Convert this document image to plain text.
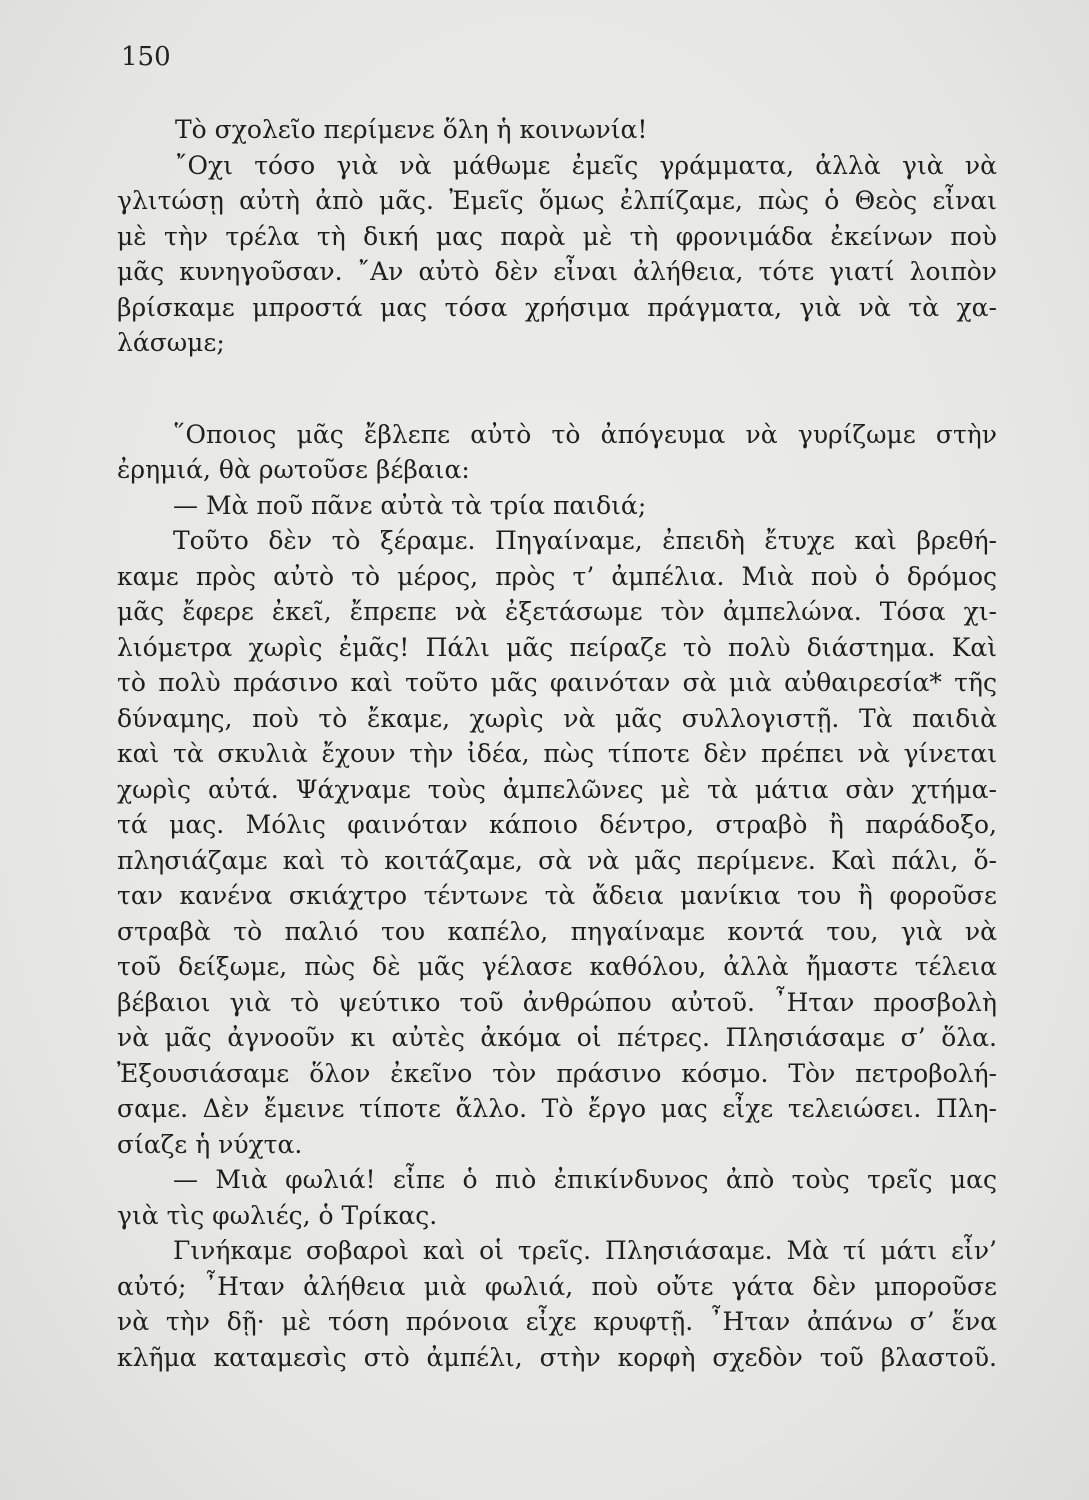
150
Τὸ σχολεῖο περίμενε ὅλη ἡ κοινωνία!
῎Οχι τόσο γιὰ νὰ μάθωμε ἐμεῖς γράμματα, ἀλλὰ γιὰ νὰ
γλιτώσῃ αὐτὴ ἀπὸ μᾶς. Ἐμεῖς ὅμως ἐλπίζαμε, πὼς ὁ Θεὸς εἶναι
μὲ τὴν τρέλα τὴ δική μας παρὰ μὲ τὴ φρονιμάδα ἐκείνων ποὺ
μᾶς κυνηγοῦσαν. ῎Αν αὐτὸ δὲν εἶναι ἀλήθεια, τότε γιατί λοιπὸν
βρίσκαμε μπροστά μας τόσα χρήσιμα πράγματα, γιὰ νὰ τὰ χα-
λάσωμε;
῞Οποιος μᾶς ἔβλεπε αὐτὸ τὸ ἀπόγευμα νὰ γυρίζωμε στὴν
ἐρημιά, θὰ ρωτοῦσε βέβαια:
— Μὰ ποῦ πᾶνε αὐτὰ τὰ τρία παιδιά;
Τοῦτο δὲν τὸ ξέραμε. Πηγαίναμε, ἐπειδὴ ἔτυχε καὶ βρεθή-
καμε πρὸς αὐτὸ τὸ μέρος, πρὸς τ’ ἀμπέλια. Μιὰ ποὺ ὁ δρόμος
μᾶς ἔφερε ἐκεῖ, ἔπρεπε νὰ ἐξετάσωμε τὸν ἀμπελώνα. Τόσα χι-
λιόμετρα χωρὶς ἐμᾶς! Πάλι μᾶς πείραζε τὸ πολὺ διάστημα. Καὶ
τὸ πολὺ πράσινο καὶ τοῦτο μᾶς φαινόταν σὰ μιὰ αὐθαιρεσία* τῆς
δύναμης, ποὺ τὸ ἔκαμε, χωρὶς νὰ μᾶς συλλογιστῇ. Τὰ παιδιὰ
καὶ τὰ σκυλιὰ ἔχουν τὴν ἰδέα, πὼς τίποτε δὲν πρέπει νὰ γίνεται
χωρὶς αὐτά. Ψάχναμε τοὺς ἀμπελῶνες μὲ τὰ μάτια σὰν χτήμα-
τά μας. Μόλις φαινόταν κάποιο δέντρο, στραβὸ ἢ παράδοξο,
πλησιάζαμε καὶ τὸ κοιτάζαμε, σὰ νὰ μᾶς περίμενε. Καὶ πάλι, ὅ-
ταν κανένα σκιάχτρο τέντωνε τὰ ἄδεια μανίκια του ἢ φοροῦσε
στραβὰ τὸ παλιό του καπέλο, πηγαίναμε κοντά του, γιὰ νὰ
τοῦ δείξωμε, πὼς δὲ μᾶς γέλασε καθόλου, ἀλλὰ ἤμαστε τέλεια
βέβαιοι γιὰ τὸ ψεύτικο τοῦ ἀνθρώπου αὐτοῦ. ῏Ηταν προσβολὴ
νὰ μᾶς ἀγνοοῦν κι αὐτὲς ἀκόμα οἱ πέτρες. Πλησιάσαμε σ’ ὅλα.
Ἐξουσιάσαμε ὅλον ἐκεῖνο τὸν πράσινο κόσμο. Τὸν πετροβολή-
σαμε. Δὲν ἔμεινε τίποτε ἄλλο. Τὸ ἔργο μας εἶχε τελειώσει. Πλη-
σίαζε ἡ νύχτα.
— Μιὰ φωλιά! εἶπε ὁ πιὸ ἐπικίνδυνος ἀπὸ τοὺς τρεῖς μας
γιὰ τὶς φωλιές, ὁ Τρίκας.
Γινήκαμε σοβαροὶ καὶ οἱ τρεῖς. Πλησιάσαμε. Μὰ τί μάτι εἶν’
αὐτό; ῏Ηταν ἀλήθεια μιὰ φωλιά, ποὺ οὔτε γάτα δὲν μποροῦσε
νὰ τὴν δῇ· μὲ τόση πρόνοια εἶχε κρυφτῇ. ῏Ηταν ἀπάνω σ’ ἕνα
κλῆμα καταμεσὶς στὸ ἀμπέλι, στὴν κορφὴ σχεδὸν τοῦ βλαστοῦ.
